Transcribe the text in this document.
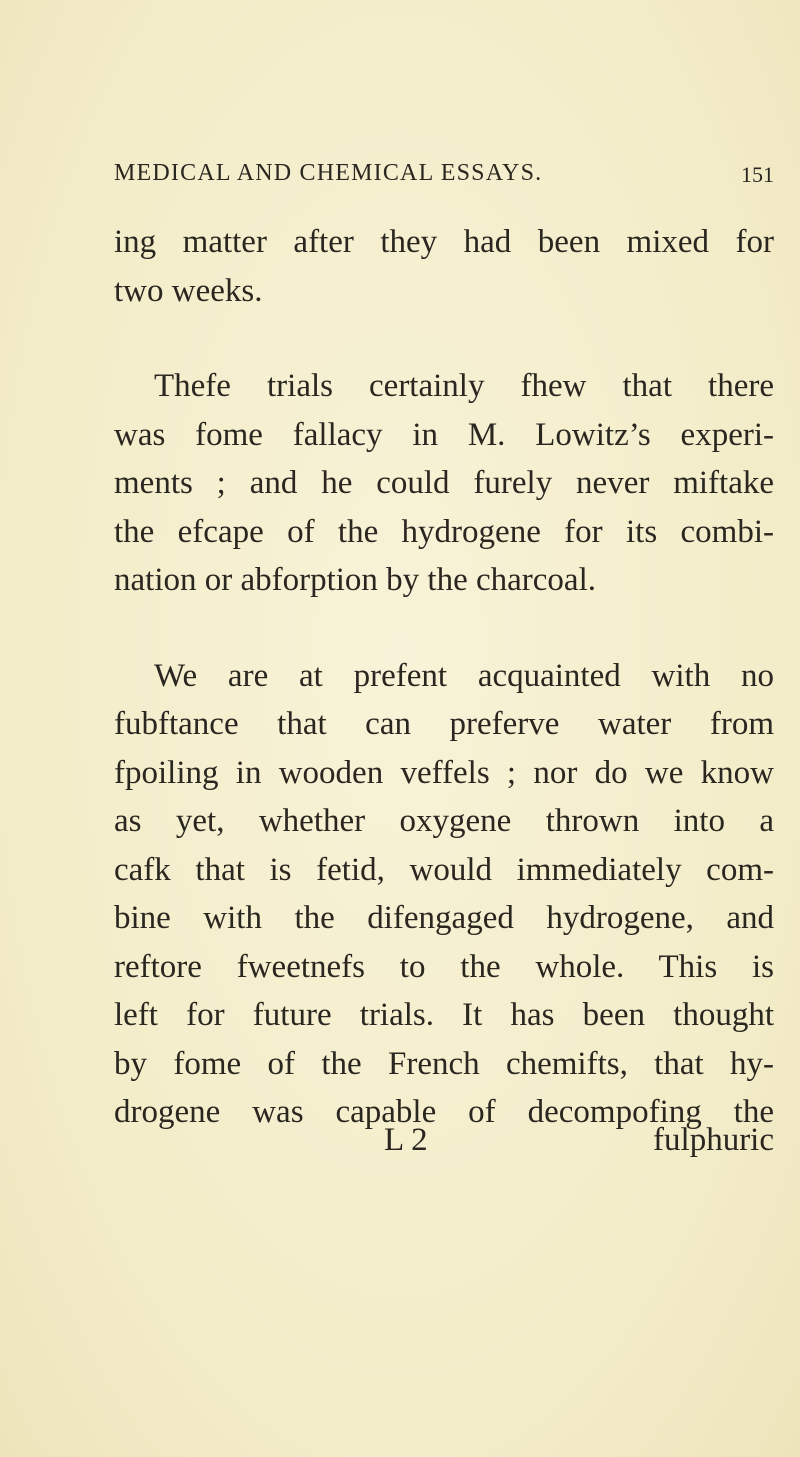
MEDICAL AND CHEMICAL ESSAYS.	151
ing matter after they had been mixed for
two weeks.
Thefe trials certainly fhew that there
was fome fallacy in M. Lowitz’s experi-
ments ; and he could furely never miftake
the efcape of the hydrogene for its combi-
nation or abforption by the charcoal.
We are at prefent acquainted with no
fubftance that can preferve water from
fpoiling in wooden veffels ; nor do we know
as yet, whether oxygene thrown into a
cafk that is fetid, would immediately com-
bine with the difengaged hydrogene, and
reftore fweetnefs to the whole. This is
left for future trials. It has been thought
by fome of the French chemifts, that hy-
drogene was capable of decompofing the
L 2	fulphuric
